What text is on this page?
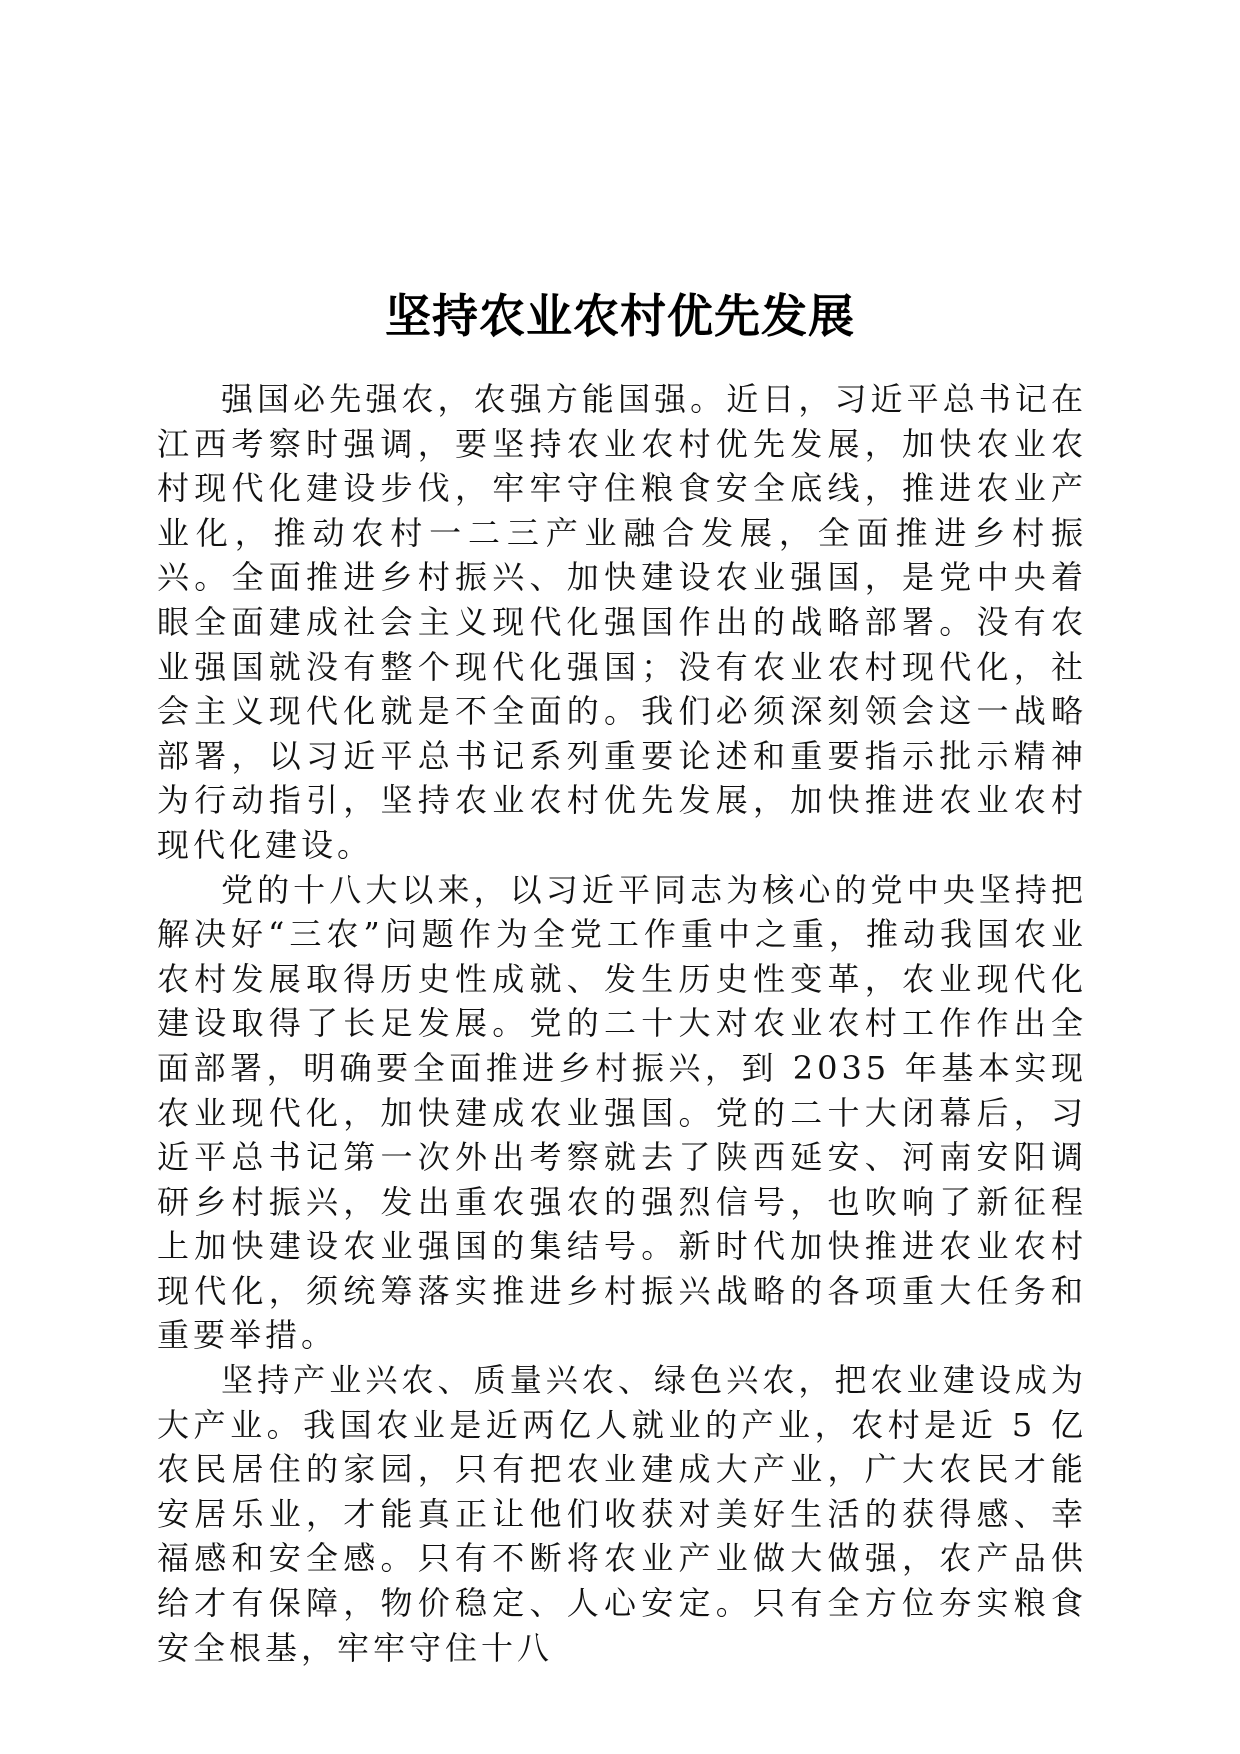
坚持农业农村优先发展

强国必先强农，农强方能国强。近日，习近平总书记在江西考察时强调，要坚持农业农村优先发展，加快农业农村现代化建设步伐，牢牢守住粮食安全底线，推进农业产业化，推动农村一二三产业融合发展，全面推进乡村振兴。全面推进乡村振兴、加快建设农业强国，是党中央着眼全面建成社会主义现代化强国作出的战略部署。没有农业强国就没有整个现代化强国；没有农业农村现代化，社会主义现代化就是不全面的。我们必须深刻领会这一战略部署，以习近平总书记系列重要论述和重要指示批示精神为行动指引，坚持农业农村优先发展，加快推进农业农村现代化建设。

党的十八大以来，以习近平同志为核心的党中央坚持把解决好“三农”问题作为全党工作重中之重，推动我国农业农村发展取得历史性成就、发生历史性变革，农业现代化建设取得了长足发展。党的二十大对农业农村工作作出全面部署，明确要全面推进乡村振兴，到 2035 年基本实现农业现代化，加快建成农业强国。党的二十大闭幕后，习近平总书记第一次外出考察就去了陕西延安、河南安阳调研乡村振兴，发出重农强农的强烈信号，也吹响了新征程上加快建设农业强国的集结号。新时代加快推进农业农村现代化，须统筹落实推进乡村振兴战略的各项重大任务和重要举措。

坚持产业兴农、质量兴农、绿色兴农，把农业建设成为大产业。我国农业是近两亿人就业的产业，农村是近 5 亿农民居住的家园，只有把农业建成大产业，广大农民才能安居乐业，才能真正让他们收获对美好生活的获得感、幸福感和安全感。只有不断将农业产业做大做强，农产品供给才有保障，物价稳定、人心安定。只有全方位夯实粮食安全根基，牢牢守住十八
